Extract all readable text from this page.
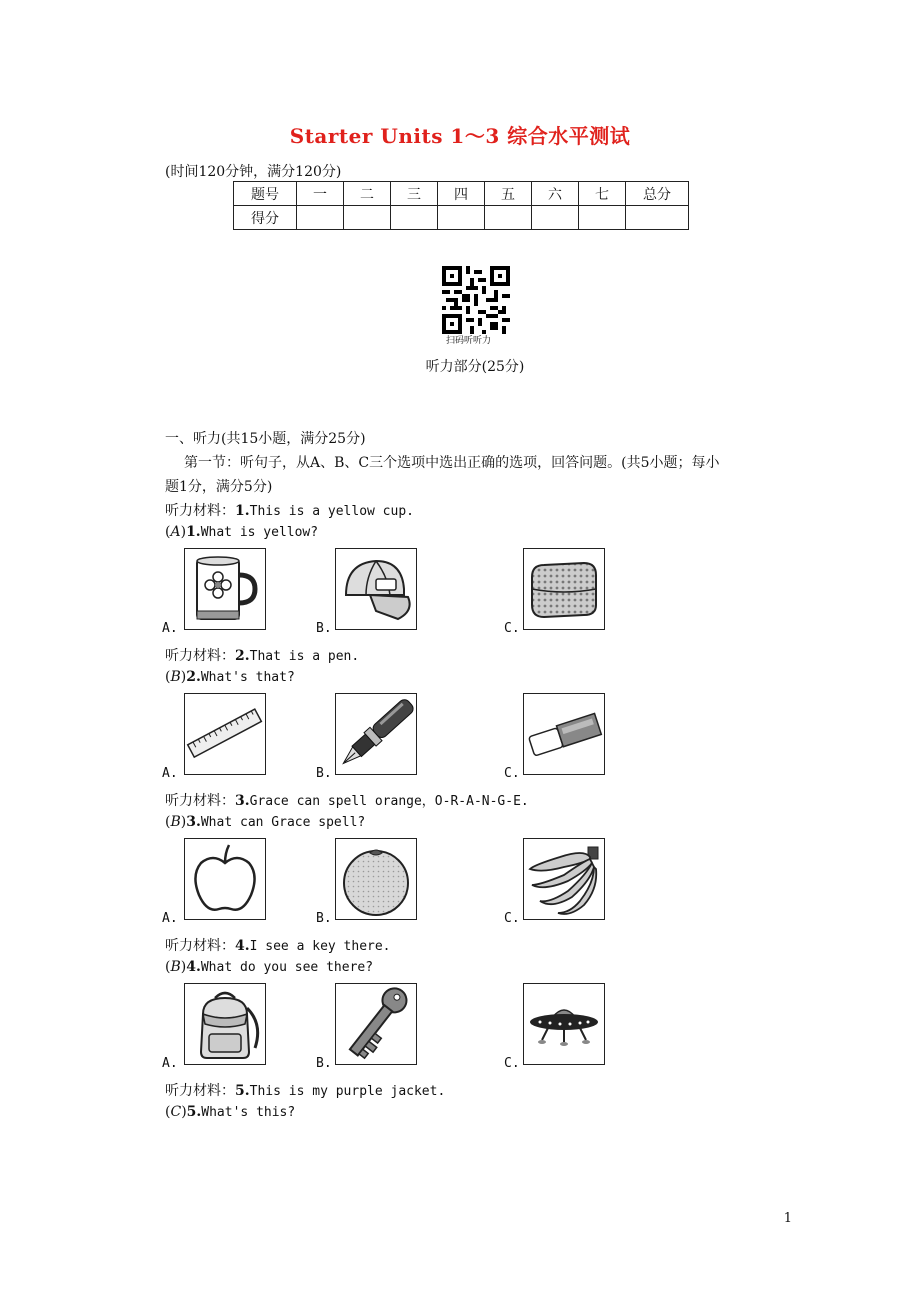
Starter Units 1～3 综合水平测试
(时间120分钟，满分120分)
题号	一	二	三	四	五	六	七	总分
得分								
扫码听听力
听力部分(25分)
一、听力(共15小题，满分25分)
第一节：听句子，从A、B、C三个选项中选出正确的选项，回答问题。(共5小题；每小
题1分，满分5分)
听力材料：1.This is a yellow cup.
(A)1.What is yellow?
A.	B.	C.
听力材料：2.That is a pen.
(B)2.What's that?
A.	B.	C.
听力材料：3.Grace can spell orange，O-R-A-N-G-E.
(B)3.What can Grace spell?
A.	B.	C.
听力材料：4.I see a key there.
(B)4.What do you see there?
A.	B.	C.
听力材料：5.This is my purple jacket.
(C)5.What's this?
1
